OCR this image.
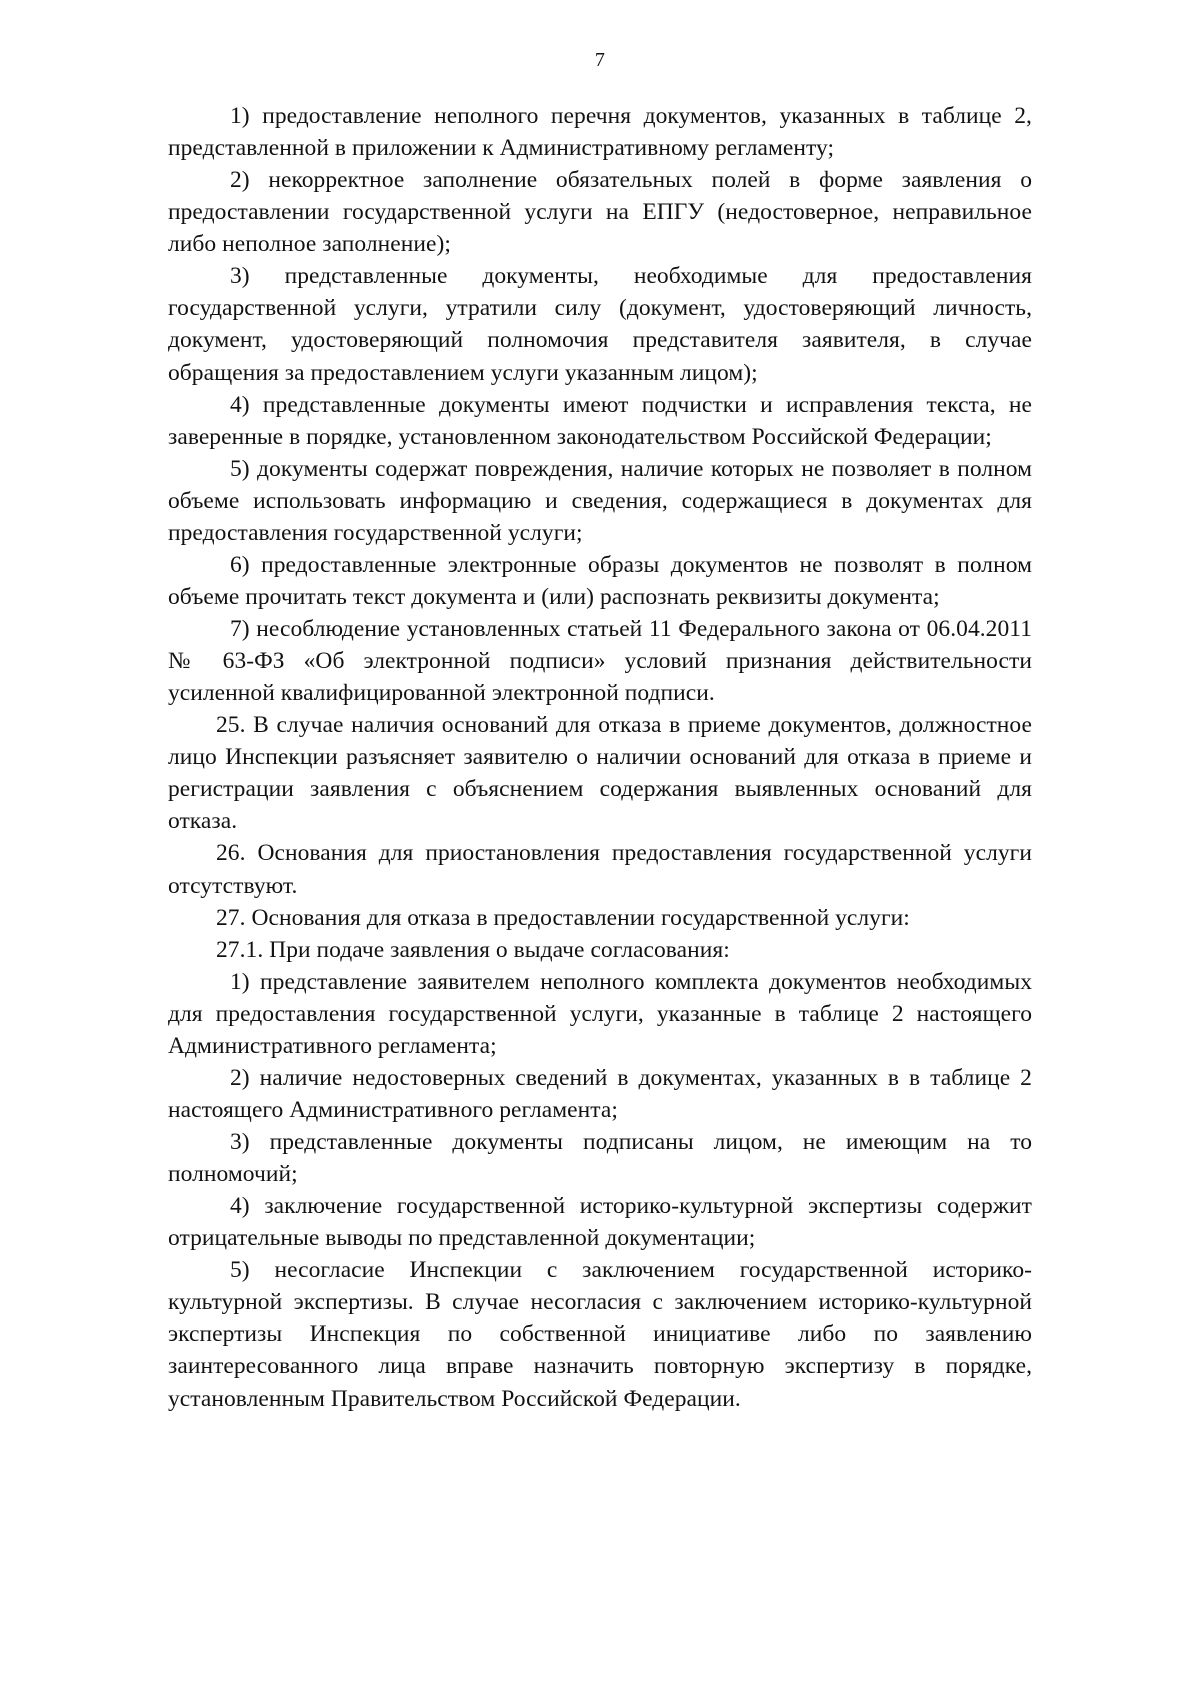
7

1) предоставление неполного перечня документов, указанных в таблице 2, представленной в приложении к Административному регламенту;

2) некорректное заполнение обязательных полей в форме заявления о предоставлении государственной услуги на ЕПГУ (недостоверное, неправильное либо неполное заполнение);

3) представленные документы, необходимые для предоставления государственной услуги, утратили силу (документ, удостоверяющий личность, документ, удостоверяющий полномочия представителя заявителя, в случае обращения за предоставлением услуги указанным лицом);

4) представленные документы имеют подчистки и исправления текста, не заверенные в порядке, установленном законодательством Российской Федерации;

5) документы содержат повреждения, наличие которых не позволяет в полном объеме использовать информацию и сведения, содержащиеся в документах для предоставления государственной услуги;

6) предоставленные электронные образы документов не позволят в полном объеме прочитать текст документа и (или) распознать реквизиты документа;

7) несоблюдение установленных статьей 11 Федерального закона от 06.04.2011 № 63-ФЗ «Об электронной подписи» условий признания действительности усиленной квалифицированной электронной подписи.

25. В случае наличия оснований для отказа в приеме документов, должностное лицо Инспекции разъясняет заявителю о наличии оснований для отказа в приеме и регистрации заявления с объяснением содержания выявленных оснований для отказа.

26. Основания для приостановления предоставления государственной услуги отсутствуют.

27. Основания для отказа в предоставлении государственной услуги:

27.1. При подаче заявления о выдаче согласования:

1) представление заявителем неполного комплекта документов необходимых для предоставления государственной услуги, указанные в таблице 2 настоящего Административного регламента;

2) наличие недостоверных сведений в документах, указанных в в таблице 2 настоящего Административного регламента;

3) представленные документы подписаны лицом, не имеющим на то полномочий;

4) заключение государственной историко-культурной экспертизы содержит отрицательные выводы по представленной документации;

5) несогласие Инспекции с заключением государственной историко-культурной экспертизы. В случае несогласия с заключением историко-культурной экспертизы Инспекция по собственной инициативе либо по заявлению заинтересованного лица вправе назначить повторную экспертизу в порядке, установленным Правительством Российской Федерации.
